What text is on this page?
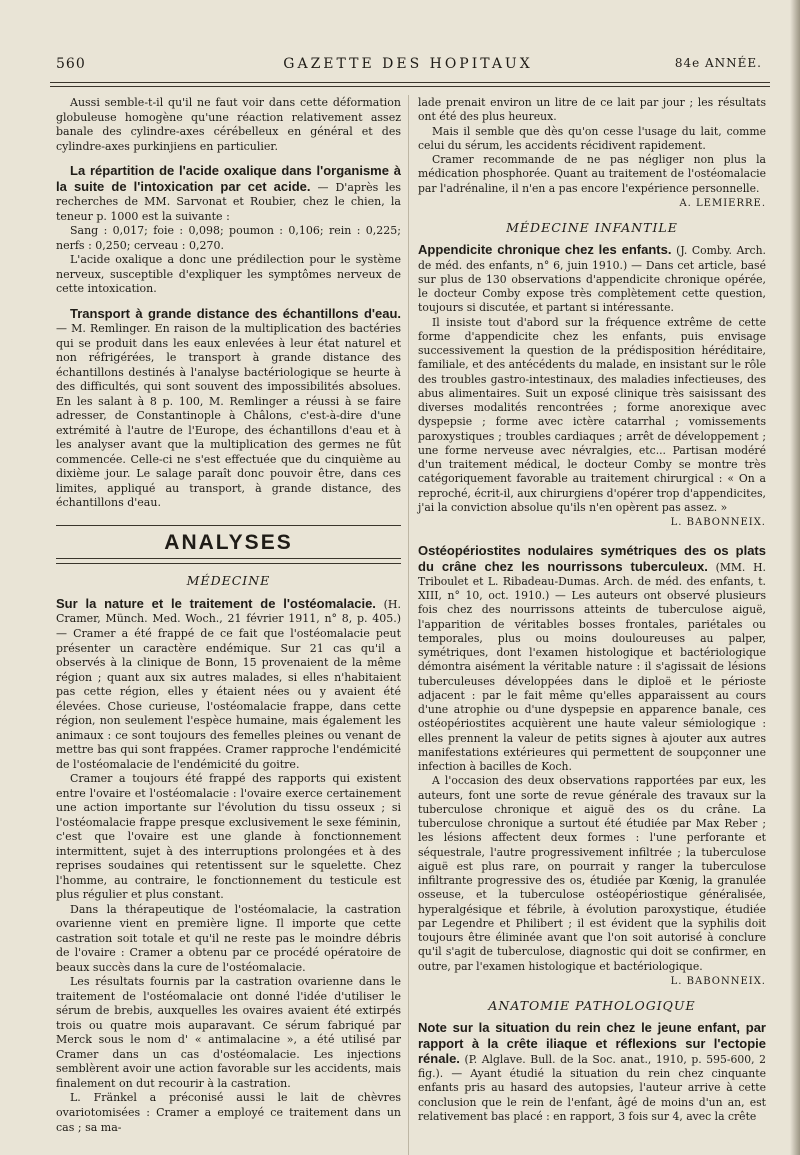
560	GAZETTE DES HOPITAUX	84e ANNÉE.

Aussi semble-t-il qu'il ne faut voir dans cette déformation globuleuse homogène qu'une réaction relativement assez banale des cylindre-axes cérébelleux en général et des cylindre-axes purkinjiens en particulier.

La répartition de l'acide oxalique dans l'organisme à la suite de l'intoxication par cet acide. — D'après les recherches de MM. Sarvonat et Roubier, chez le chien, la teneur p. 1000 est la suivante :

Sang : 0,017; foie : 0,098; poumon : 0,106; rein : 0,225; nerfs : 0,250; cerveau : 0,270.

L'acide oxalique a donc une prédilection pour le système nerveux, susceptible d'expliquer les symptômes nerveux de cette intoxication.

Transport à grande distance des échantillons d'eau. — M. Remlinger. En raison de la multiplication des bactéries qui se produit dans les eaux enlevées à leur état naturel et non réfrigérées, le transport à grande distance des échantillons destinés à l'analyse bactériologique se heurte à des difficultés, qui sont souvent des impossibilités absolues. En les salant à 8 p. 100, M. Remlinger a réussi à se faire adresser, de Constantinople à Châlons, c'est-à-dire d'une extrémité à l'autre de l'Europe, des échantillons d'eau et à les analyser avant que la multiplication des germes ne fût commencée. Celle-ci ne s'est effectuée que du cinquième au dixième jour. Le salage paraît donc pouvoir être, dans ces limites, appliqué au transport, à grande distance, des échantillons d'eau.

ANALYSES
MÉDECINE

Sur la nature et le traitement de l'ostéomalacie. (H. Cramer, Münch. Med. Woch., 21 février 1911, n° 8, p. 405.) — Cramer a été frappé de ce fait que l'ostéomalacie peut présenter un caractère endémique. Sur 21 cas qu'il a observés à la clinique de Bonn, 15 provenaient de la même région ; quant aux six autres malades, si elles n'habitaient pas cette région, elles y étaient nées ou y avaient été élevées. Chose curieuse, l'ostéomalacie frappe, dans cette région, non seulement l'espèce humaine, mais également les animaux : ce sont toujours des femelles pleines ou venant de mettre bas qui sont frappées. Cramer rapproche l'endémicité de l'ostéomalacie de l'endémicité du goitre.

Cramer a toujours été frappé des rapports qui existent entre l'ovaire et l'ostéomalacie : l'ovaire exerce certainement une action importante sur l'évolution du tissu osseux ; si l'ostéomalacie frappe presque exclusivement le sexe féminin, c'est que l'ovaire est une glande à fonctionnement intermittent, sujet à des interruptions prolongées et à des reprises soudaines qui retentissent sur le squelette. Chez l'homme, au contraire, le fonctionnement du testicule est plus régulier et plus constant.

Dans la thérapeutique de l'ostéomalacie, la castration ovarienne vient en première ligne. Il importe que cette castration soit totale et qu'il ne reste pas le moindre débris de l'ovaire : Cramer a obtenu par ce procédé opératoire de beaux succès dans la cure de l'ostéomalacie.

Les résultats fournis par la castration ovarienne dans le traitement de l'ostéomalacie ont donné l'idée d'utiliser le sérum de brebis, auxquelles les ovaires avaient été extirpés trois ou quatre mois auparavant. Ce sérum fabriqué par Merck sous le nom d' « antimalacine », a été utilisé par Cramer dans un cas d'ostéomalacie. Les injections semblèrent avoir une action favorable sur les accidents, mais finalement on dut recourir à la castration.

L. Fränkel a préconisé aussi le lait de chèvres ovariotomisées : Cramer a employé ce traitement dans un cas ; sa ma-

lade prenait environ un litre de ce lait par jour ; les résultats ont été des plus heureux.

Mais il semble que dès qu'on cesse l'usage du lait, comme celui du sérum, les accidents récidivent rapidement.

Cramer recommande de ne pas négliger non plus la médication phosphorée. Quant au traitement de l'ostéomalacie par l'adrénaline, il n'en a pas encore l'expérience personnelle.

A. LEMIERRE.
MÉDECINE INFANTILE

Appendicite chronique chez les enfants. (J. Comby. Arch. de méd. des enfants, n° 6, juin 1910.) — Dans cet article, basé sur plus de 130 observations d'appendicite chronique opérée, le docteur Comby expose très complètement cette question, toujours si discutée, et partant si intéressante.

Il insiste tout d'abord sur la fréquence extrême de cette forme d'appendicite chez les enfants, puis envisage successivement la question de la prédisposition héréditaire, familiale, et des antécédents du malade, en insistant sur le rôle des troubles gastro-intestinaux, des maladies infectieuses, des abus alimentaires. Suit un exposé clinique très saisissant des diverses modalités rencontrées ; forme anorexique avec dyspepsie ; forme avec ictère catarrhal ; vomissements paroxystiques ; troubles cardiaques ; arrêt de développement ; une forme nerveuse avec névralgies, etc... Partisan modéré d'un traitement médical, le docteur Comby se montre très catégoriquement favorable au traitement chirurgical : « On a reproché, écrit-il, aux chirurgiens d'opérer trop d'appendicites, j'ai la conviction absolue qu'ils n'en opèrent pas assez. »

L. BABONNEIX.

Ostéopériostites nodulaires symétriques des os plats du crâne chez les nourrissons tuberculeux. (MM. H. Triboulet et L. Ribadeau-Dumas. Arch. de méd. des enfants, t. XIII, n° 10, oct. 1910.) — Les auteurs ont observé plusieurs fois chez des nourrissons atteints de tuberculose aiguë, l'apparition de véritables bosses frontales, pariétales ou temporales, plus ou moins douloureuses au palper, symétriques, dont l'examen histologique et bactériologique démontra aisément la véritable nature : il s'agissait de lésions tuberculeuses développées dans le diploë et le périoste adjacent : par le fait même qu'elles apparaissent au cours d'une atrophie ou d'une dyspepsie en apparence banale, ces ostéopériostites acquièrent une haute valeur sémiologique : elles prennent la valeur de petits signes à ajouter aux autres manifestations extérieures qui permettent de soupçonner une infection à bacilles de Koch.

A l'occasion des deux observations rapportées par eux, les auteurs, font une sorte de revue générale des travaux sur la tuberculose chronique et aiguë des os du crâne. La tuberculose chronique a surtout été étudiée par Max Reber ; les lésions affectent deux formes : l'une perforante et séquestrale, l'autre progressivement infiltrée ; la tuberculose aiguë est plus rare, on pourrait y ranger la tuberculose infiltrante progressive des os, étudiée par Kœnig, la granulée osseuse, et la tuberculose ostéopériostique généralisée, hyperalgésique et fébrile, à évolution paroxystique, étudiée par Legendre et Philibert ; il est évident que la syphilis doit toujours être éliminée avant que l'on soit autorisé à conclure qu'il s'agit de tuberculose, diagnostic qui doit se confirmer, en outre, par l'examen histologique et bactériologique.

L. BABONNEIX.
ANATOMIE PATHOLOGIQUE

Note sur la situation du rein chez le jeune enfant, par rapport à la crête iliaque et réflexions sur l'ectopie rénale. (P. Alglave. Bull. de la Soc. anat., 1910, p. 595-600, 2 fig.). — Ayant étudié la situation du rein chez cinquante enfants pris au hasard des autopsies, l'auteur arrive à cette conclusion que le rein de l'enfant, âgé de moins d'un an, est relativement bas placé : en rapport, 3 fois sur 4, avec la crête
